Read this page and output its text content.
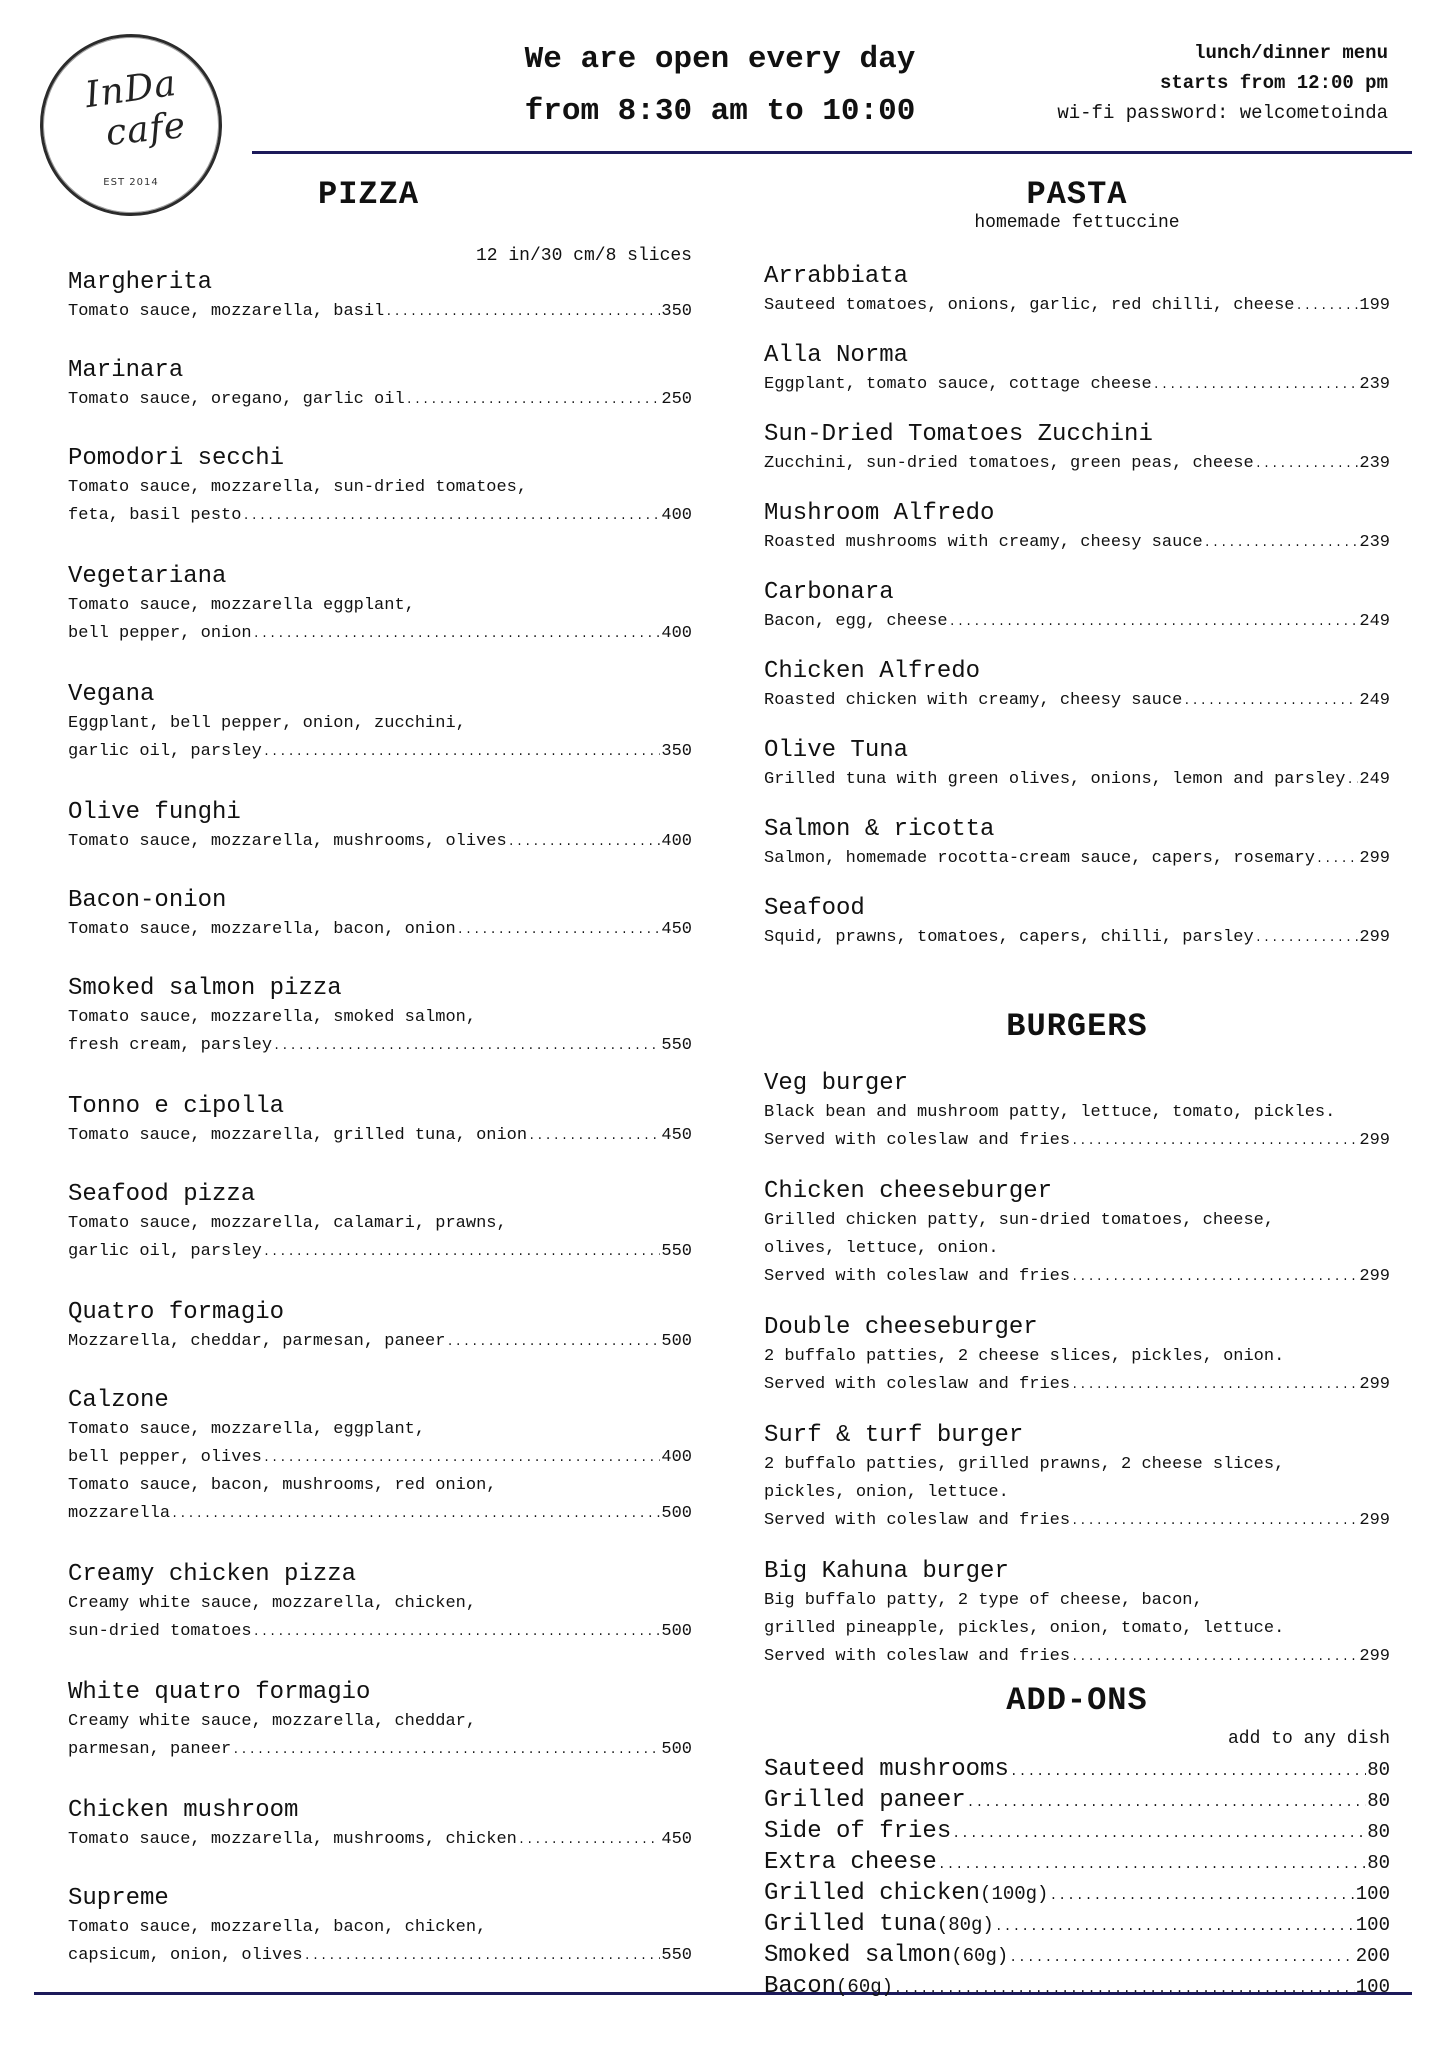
InDa
cafe
EST 2014
We are open every day
from 8:30 am to 10:00
lunch/dinner menu
starts from 12:00 pm
wi-fi password: welcometoinda
PIZZA
12 in/30 cm/8 slices
Margherita
Tomato sauce, mozzarella, basil .....	350
Marinara
Tomato sauce, oregano, garlic oil .....	250
Pomodori secchi
Tomato sauce, mozzarella, sun-dried tomatoes,
feta, basil pesto .....	400
Vegetariana
Tomato sauce, mozzarella eggplant,
bell pepper, onion .....	400
Vegana
Eggplant, bell pepper, onion, zucchini,
garlic oil, parsley .....	350
Olive funghi
Tomato sauce, mozzarella, mushrooms, olives .....	400
Bacon-onion
Tomato sauce, mozzarella, bacon, onion .....	450
Smoked salmon pizza
Tomato sauce, mozzarella, smoked salmon,
fresh cream, parsley .....	550
Tonno e cipolla
Tomato sauce, mozzarella, grilled tuna, onion .....	450
Seafood pizza
Tomato sauce, mozzarella, calamari, prawns,
garlic oil, parsley .....	550
Quatro formagio
Mozzarella, cheddar, parmesan, paneer .....	500
Calzone
Tomato sauce, mozzarella, eggplant,
bell pepper, olives .....	400
Tomato sauce, bacon, mushrooms, red onion,
mozzarella .....	500
Creamy chicken pizza
Creamy white sauce, mozzarella, chicken,
sun-dried tomatoes .....	500
White quatro formagio
Creamy white sauce, mozzarella, cheddar,
parmesan, paneer .....	500
Chicken mushroom
Tomato sauce, mozzarella, mushrooms, chicken .....	450
Supreme
Tomato sauce, mozzarella, bacon, chicken,
capsicum, onion, olives .....	550
PASTA
homemade fettuccine
Arrabbiata
Sauteed tomatoes, onions, garlic, red chilli, cheese .....	199
Alla Norma
Eggplant, tomato sauce, cottage cheese .....	239
Sun-Dried Tomatoes Zucchini
Zucchini, sun-dried tomatoes, green peas, cheese .....	239
Mushroom Alfredo
Roasted mushrooms with creamy, cheesy sauce .....	239
Carbonara
Bacon, egg, cheese .....	249
Chicken Alfredo
Roasted chicken with creamy, cheesy sauce .....	249
Olive Tuna
Grilled tuna with green olives, onions, lemon and parsley ..... 249
Salmon & ricotta
Salmon, homemade rocotta-cream sauce, capers, rosemary .....	299
Seafood
Squid, prawns, tomatoes, capers, chilli, parsley .....	299
BURGERS
Veg burger
Black bean and mushroom patty, lettuce, tomato, pickles.
Served with coleslaw and fries .....	299
Chicken cheeseburger
Grilled chicken patty, sun-dried tomatoes, cheese,
olives, lettuce, onion.
Served with coleslaw and fries .....	299
Double cheeseburger
2 buffalo patties, 2 cheese slices, pickles, onion.
Served with coleslaw and fries .....	299
Surf & turf burger
2 buffalo patties, grilled prawns, 2 cheese slices,
pickles, onion, lettuce.
Served with coleslaw and fries .....	299
Big Kahuna burger
Big buffalo patty, 2 type of cheese, bacon,
grilled pineapple, pickles, onion, tomato, lettuce.
Served with coleslaw and fries .....	299
ADD-ONS
add to any dish
Sauteed mushrooms .....	80
Grilled paneer .....	80
Side of fries .....	80
Extra cheese .....	80
Grilled chicken (100g) .....	100
Grilled tuna (80g) .....	100
Smoked salmon (60g) .....	200
Bacon (60g) .....	100
